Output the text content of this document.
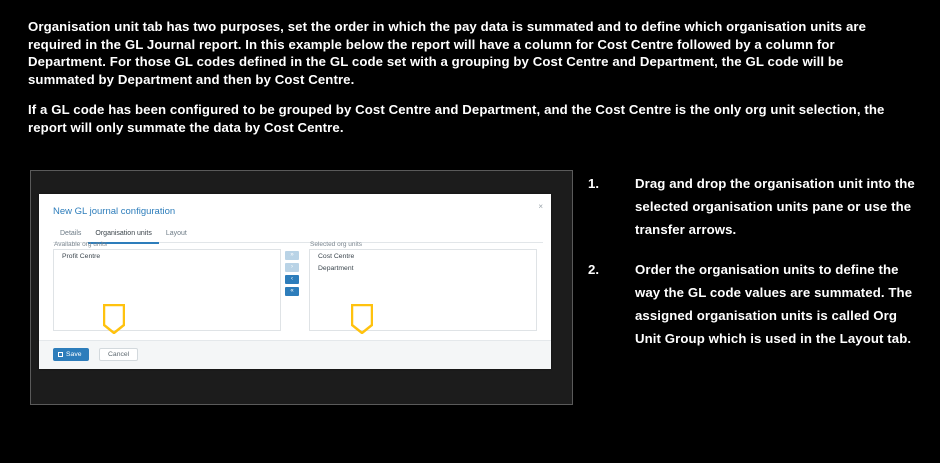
Organisation unit tab has two purposes, set the order in which the pay data is summated and to define which organisation units are required in the GL Journal report. In this example below the report will have a column for Cost Centre followed by a column for Department. For those GL codes defined in the GL code set with a grouping by Cost Centre and Department, the GL code will be summated by Department and then by Cost Centre.

If a GL code has been configured to be grouped by Cost Centre and Department, and the Cost Centre is the only org unit selection, the report will only summate the data by Cost Centre.

New GL journal configuration	×
Details	Organisation units	Layout
Available org units
Profit Centre	»
›
‹
«
Selected org units
Cost Centre
Department
Save	Cancel
1	2
1.	Drag and drop the organisation unit into the selected organisation units pane or use the transfer arrows.
2.	Order the organisation units to define the way the GL code values are summated. The assigned organisation units is called Org Unit Group which is used in the Layout tab.
